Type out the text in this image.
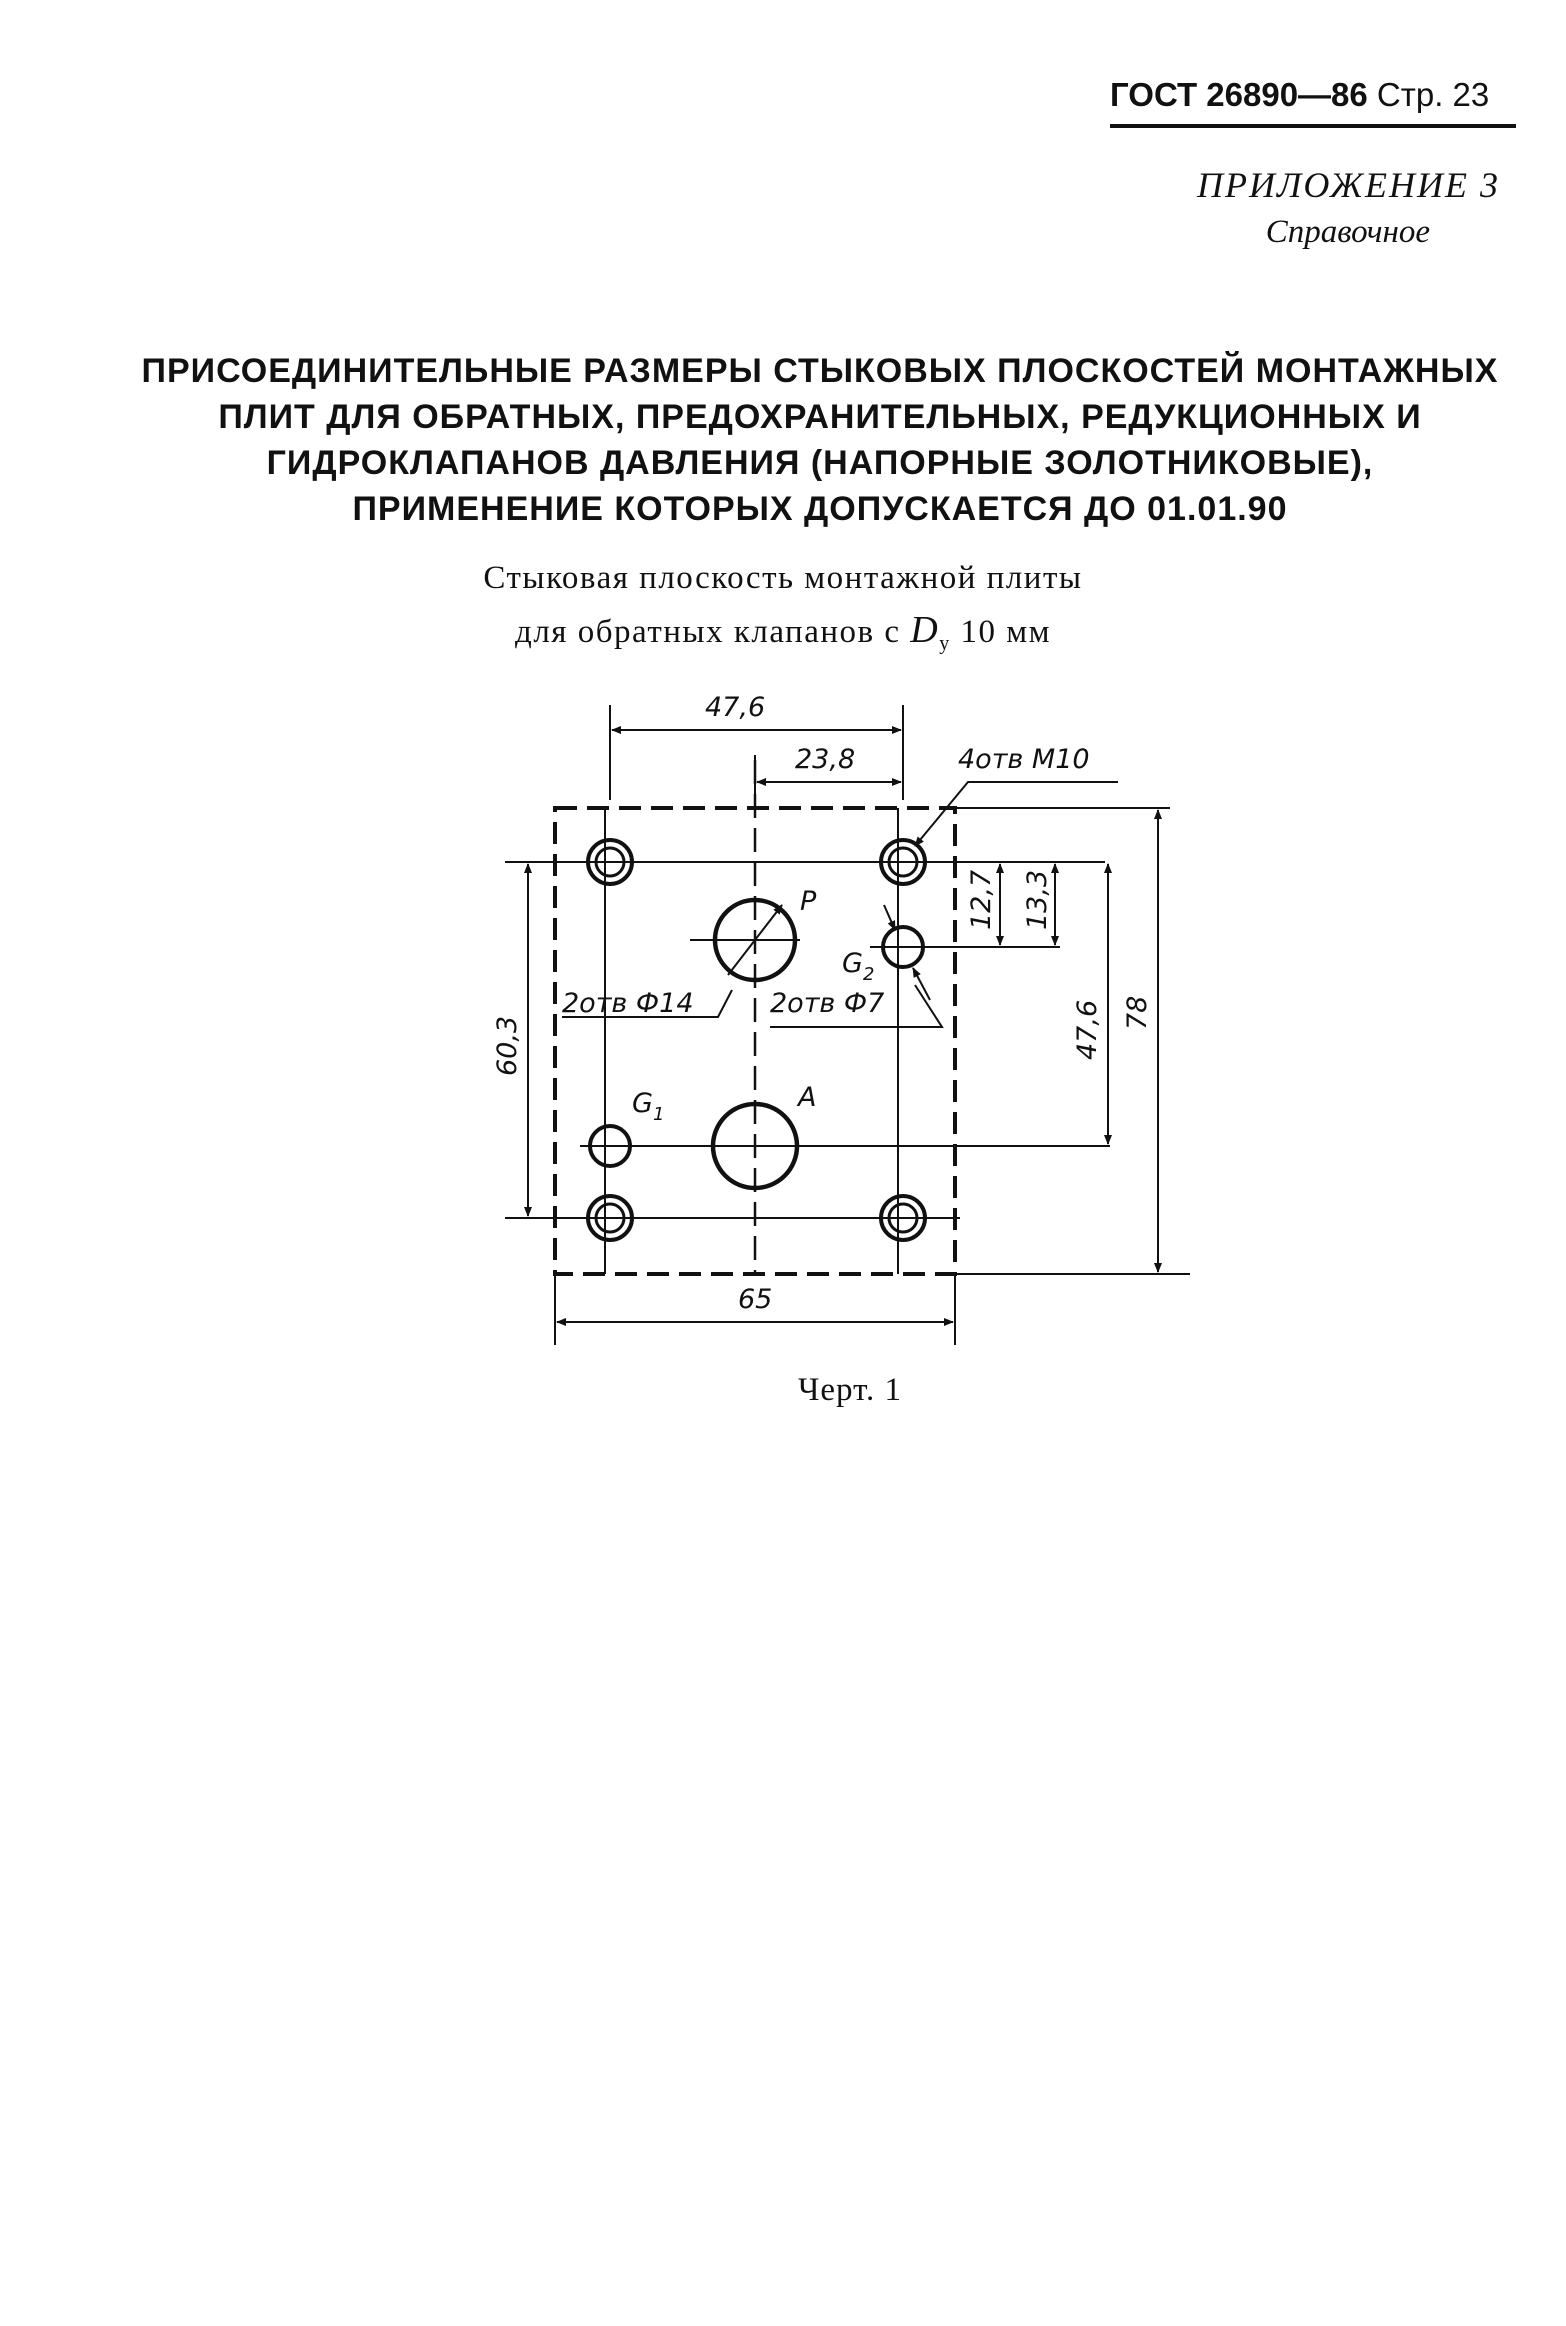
ГОСТ 26890—86 Стр. 23
ПРИЛОЖЕНИЕ 3
Справочное
ПРИСОЕДИНИТЕЛЬНЫЕ РАЗМЕРЫ СТЫКОВЫХ ПЛОСКОСТЕЙ МОНТАЖНЫХ
ПЛИТ ДЛЯ ОБРАТНЫХ, ПРЕДОХРАНИТЕЛЬНЫХ, РЕДУКЦИОННЫХ И
ГИДРОКЛАПАНОВ ДАВЛЕНИЯ (НАПОРНЫЕ ЗОЛОТНИКОВЫЕ),
ПРИМЕНЕНИЕ КОТОРЫХ ДОПУСКАЕТСЯ ДО 01.01.90
Стыковая плоскость монтажной плиты
для обратных клапанов с $D_у$ 10 мм
47,6
23,8	4отв М10
2отв Ф14	2отв Ф7
65
60,3
12,7 13,3
47,6 78
P
A
$G_1$
$G_2$
Черт. 1
